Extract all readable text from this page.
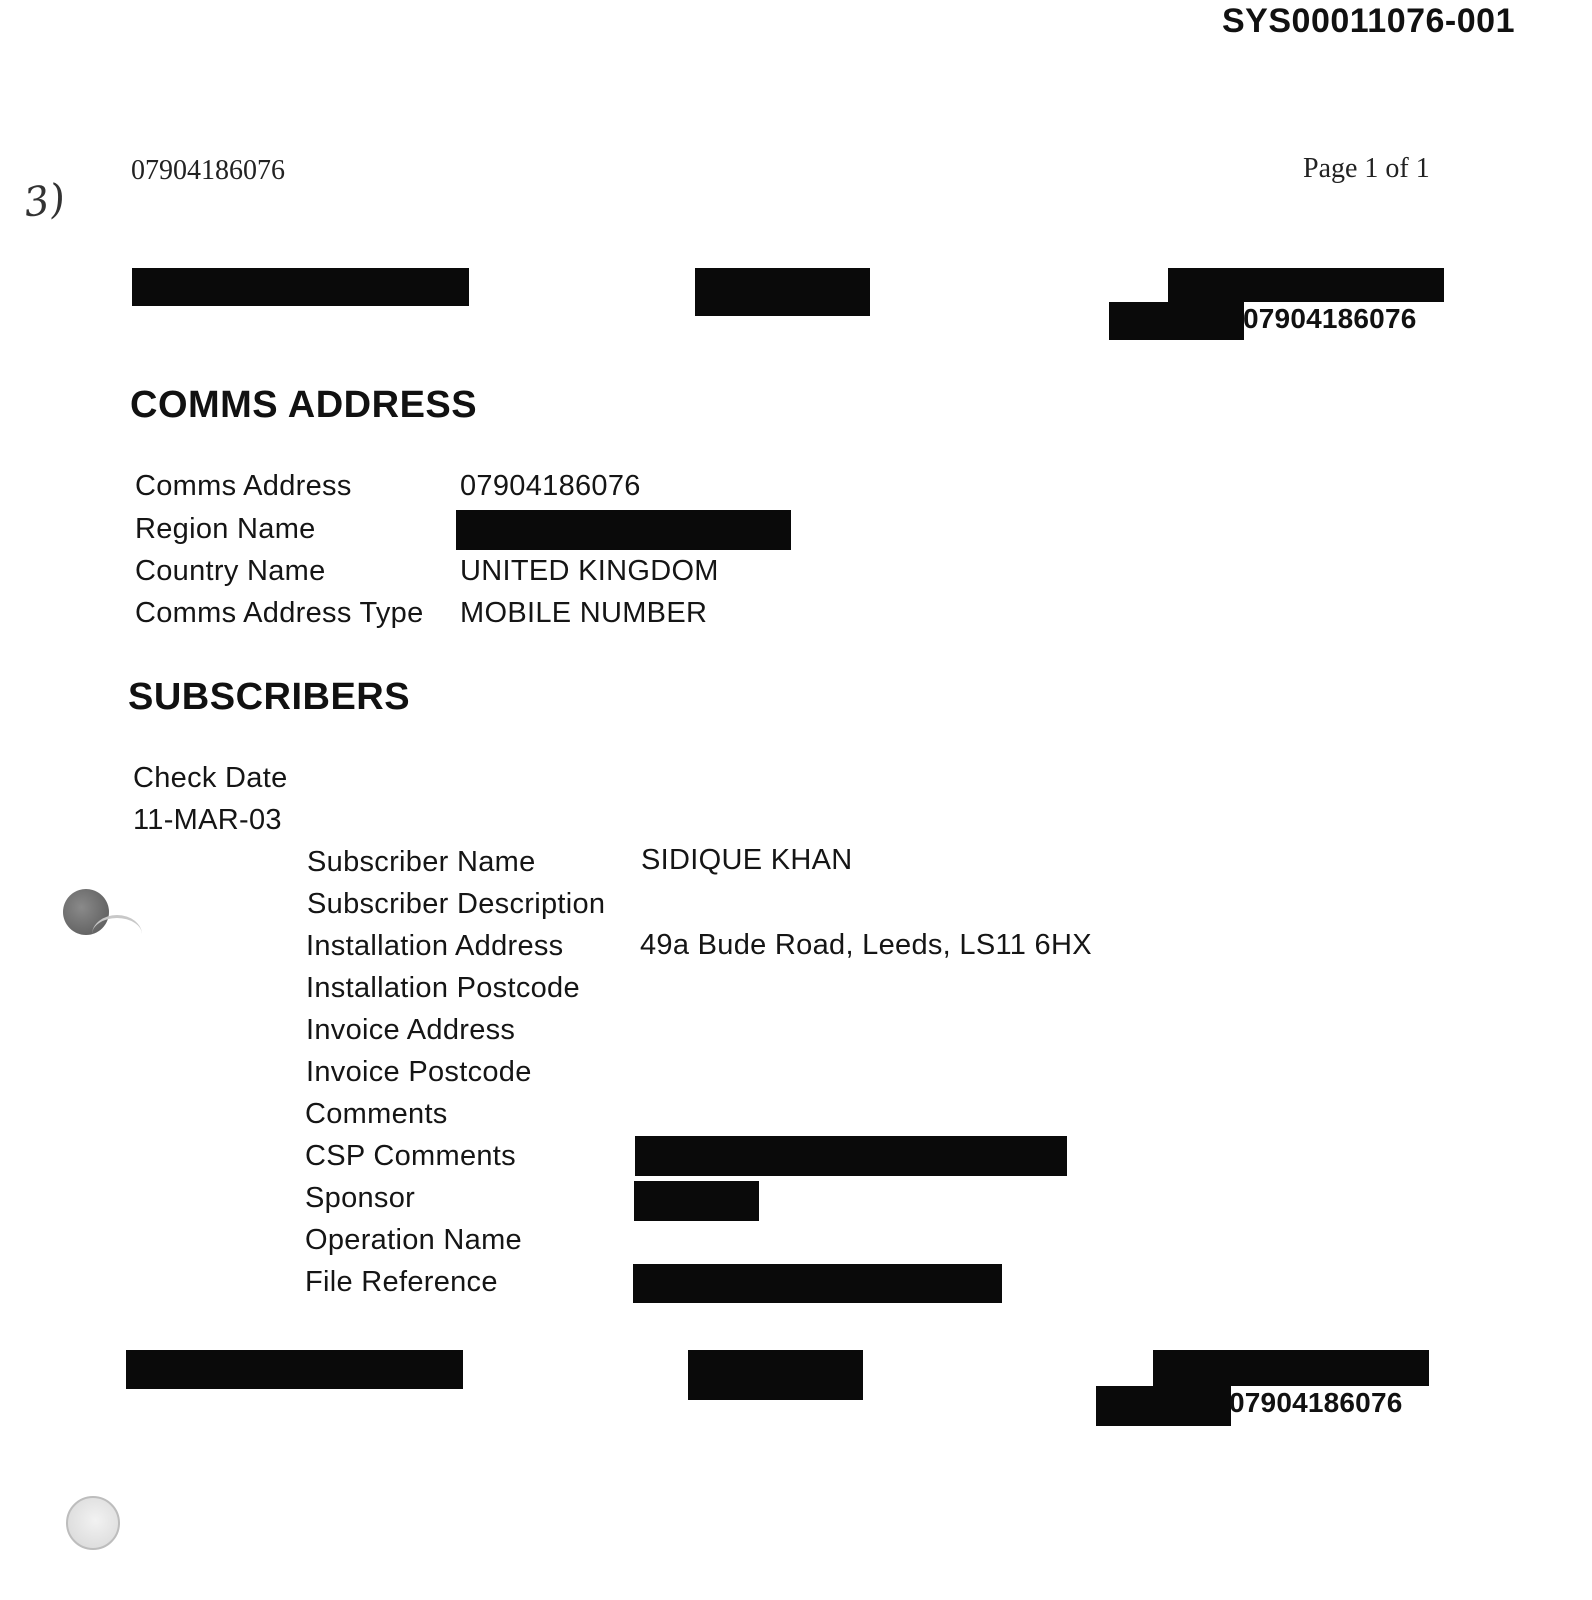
SYS00011076-001
3)
07904186076	Page 1 of 1
07904186076
COMMS ADDRESS
Comms Address	07904186076
Region Name
Country Name	UNITED KINGDOM
Comms Address Type MOBILE NUMBER
SUBSCRIBERS
Check Date
11-MAR-03
Subscriber Name	SIDIQUE KHAN
Subscriber Description
Installation Address	49a Bude Road, Leeds, LS11 6HX
Installation Postcode
Invoice Address
Invoice Postcode
Comments
CSP Comments
Sponsor
Operation Name
File Reference
07904186076
